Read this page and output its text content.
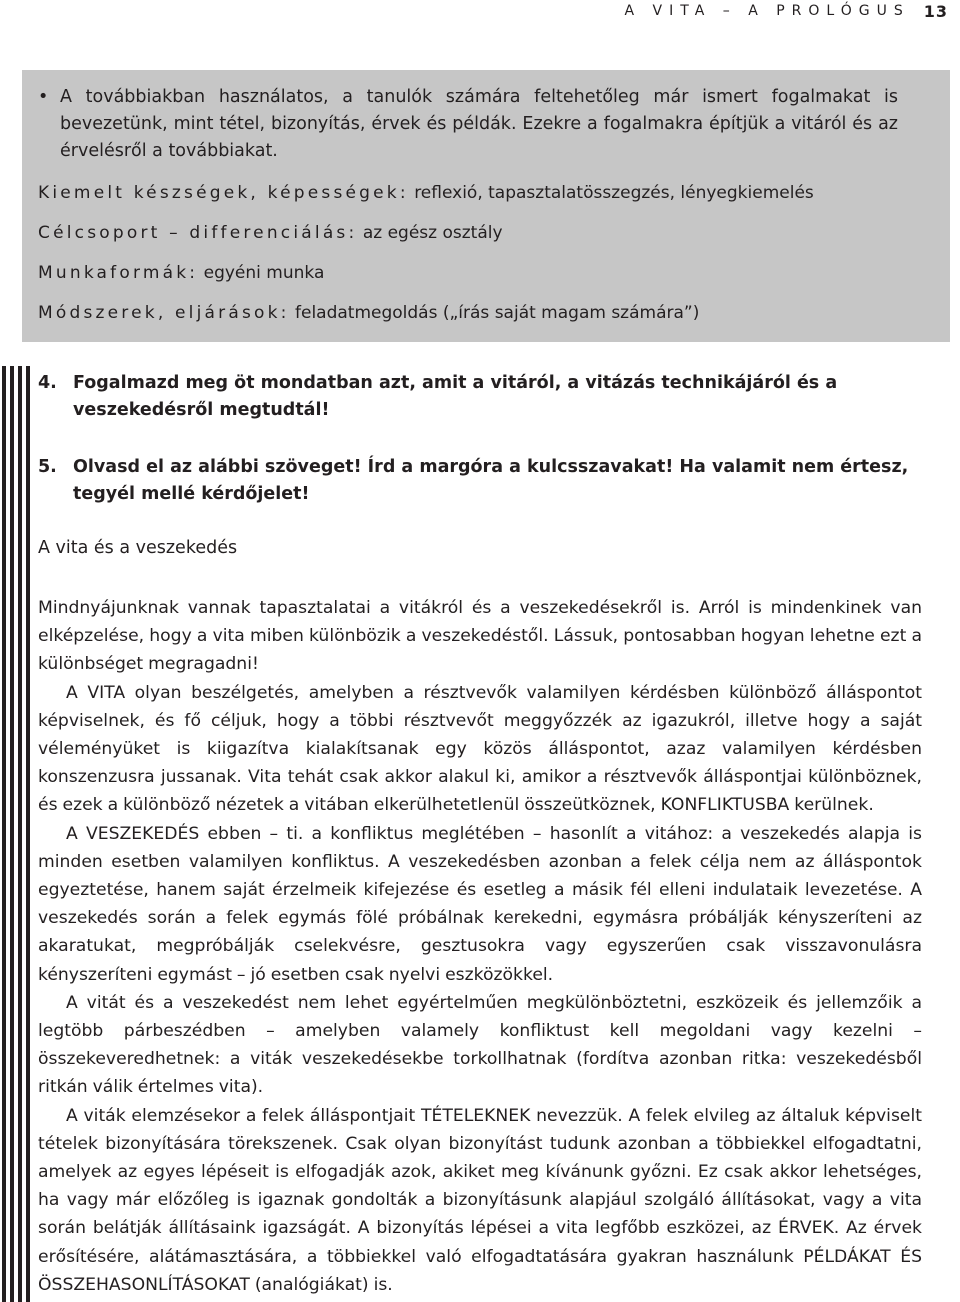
A VITA – A PROLÓGUS 13
• A továbbiakban használatos, a tanulók számára feltehetőleg már ismert fogalmakat is bevezetünk, mint tétel, bizonyítás, érvek és példák. Ezekre a fogalmakra építjük a vitáról és az érvelésről a továbbiakat.
Kiemelt készségek, képességek: reflexió, tapasztalatösszegzés, lényegkiemelés
Célcsoport – differenciálás: az egész osztály
Munkaformák: egyéni munka
Módszerek, eljárások: feladatmegoldás („írás saját magam számára”)
4. Fogalmazd meg öt mondatban azt, amit a vitáról, a vitázás technikájáról és a veszekedésről megtudtál!
5. Olvasd el az alábbi szöveget! Írd a margóra a kulcsszavakat! Ha valamit nem értesz, tegyél mellé kérdőjelet!
A vita és a veszekedés

Mindnyájunknak vannak tapasztalatai a vitákról és a veszekedésekről is. Arról is mindenkinek van elképzelése, hogy a vita miben különbözik a veszekedéstől. Lássuk, pontosabban hogyan lehetne ezt a különbséget megragadni!

A VITA olyan beszélgetés, amelyben a résztvevők valamilyen kérdésben különböző álláspontot képviselnek, és fő céljuk, hogy a többi résztvevőt meggyőzzék az igazukról, illetve hogy a saját véleményüket is kiigazítva kialakítsanak egy közös álláspontot, azaz valamilyen kérdésben konszenzusra jussanak. Vita tehát csak akkor alakul ki, amikor a résztvevők álláspontjai különböznek, és ezek a különböző nézetek a vitában elkerülhetetlenül összeütköznek, KONFLIKTUSBA kerülnek.

A VESZEKEDÉS ebben – ti. a konfliktus meglétében – hasonlít a vitához: a veszekedés alapja is minden esetben valamilyen konfliktus. A veszekedésben azonban a felek célja nem az álláspontok egyeztetése, hanem saját érzelmeik kifejezése és esetleg a másik fél elleni indulataik levezetése. A veszekedés során a felek egymás fölé próbálnak kerekedni, egymásra próbálják kényszeríteni az akaratukat, megpróbálják cselekvésre, gesztusokra vagy egyszerűen csak visszavonulásra kényszeríteni egymást – jó esetben csak nyelvi eszközökkel.

A vitát és a veszekedést nem lehet egyértelműen megkülönböztetni, eszközeik és jellemzőik a legtöbb párbeszédben – amelyben valamely konfliktust kell megoldani vagy kezelni – összekeveredhetnek: a viták veszekedésekbe torkollhatnak (fordítva azonban ritka: veszekedésből ritkán válik értelmes vita).

A viták elemzésekor a felek álláspontjait TÉTELEKNEK nevezzük. A felek elvileg az általuk képviselt tételek bizonyítására törekszenek. Csak olyan bizonyítást tudunk azonban a többiekkel elfogadtatni, amelyek az egyes lépéseit is elfogadják azok, akiket meg kívánunk győzni. Ez csak akkor lehetséges, ha vagy már előzőleg is igaznak gondolták a bizonyításunk alapjául szolgáló állításokat, vagy a vita során belátják állításaink igazságát. A bizonyítás lépései a vita legfőbb eszközei, az ÉRVEK. Az érvek erősítésére, alátámasztására, a többiekkel való elfogadtatására gyakran használunk PÉLDÁKAT ÉS ÖSSZEHASONLÍTÁSOKAT (analógiákat) is.
